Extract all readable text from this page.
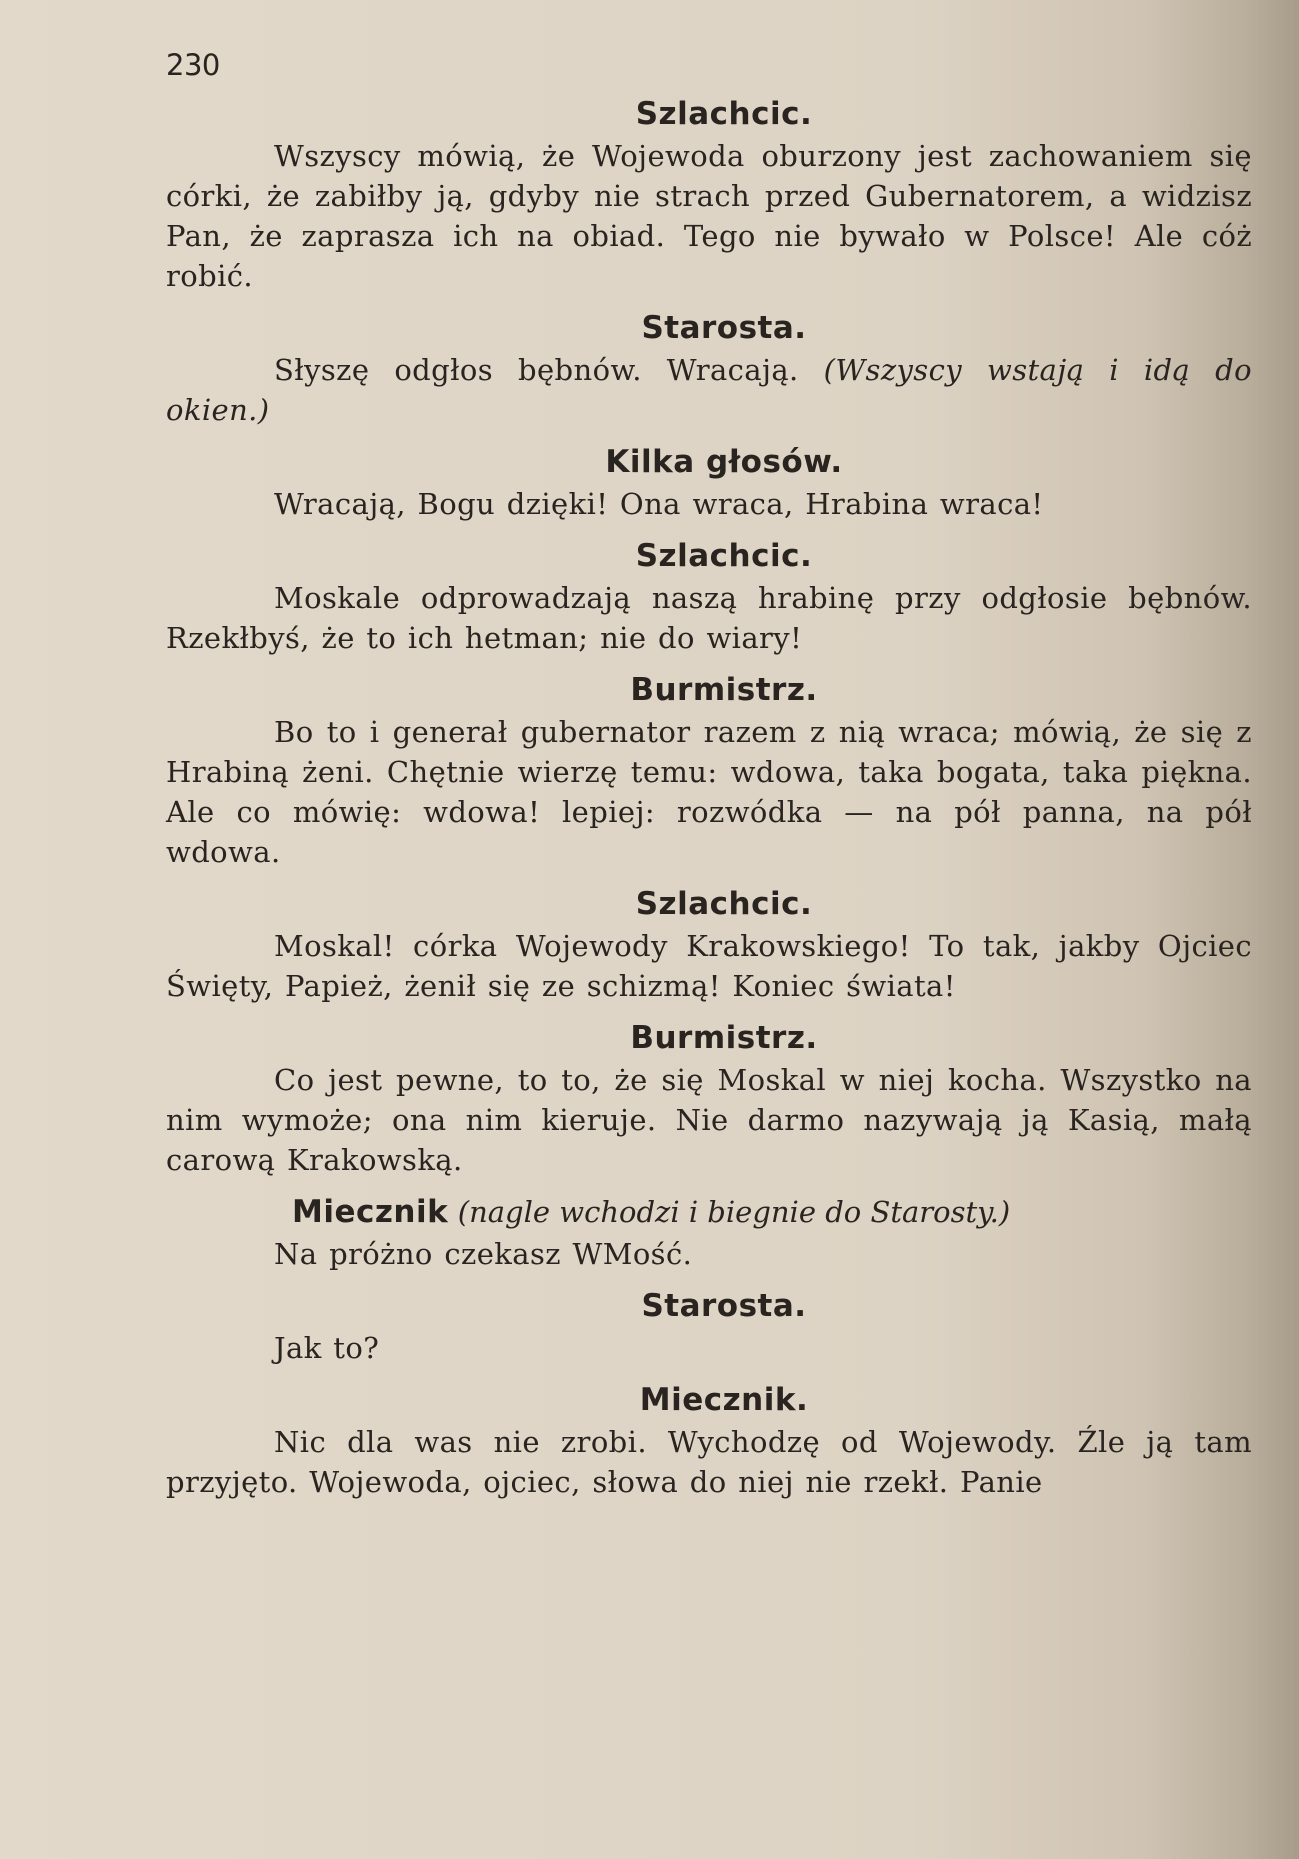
230
Szlachcic.

Wszyscy mówią, że Wojewoda oburzony jest zachowaniem się córki, że zabiłby ją, gdyby nie strach przed Gubernatorem, a widzisz Pan, że zaprasza ich na obiad. Tego nie bywało w Polsce! Ale cóż robić.

Starosta.

Słyszę odgłos bębnów. Wracają. (Wszyscy wstają i idą do okien.)

Kilka głosów.

Wracają, Bogu dzięki! Ona wraca, Hrabina wraca!

Szlachcic.

Moskale odprowadzają naszą hrabinę przy odgłosie bębnów. Rzekłbyś, że to ich hetman; nie do wiary!

Burmistrz.

Bo to i generał gubernator razem z nią wraca; mówią, że się z Hrabiną żeni. Chętnie wierzę temu: wdowa, taka bogata, taka piękna. Ale co mówię: wdowa! lepiej: rozwódka — na pół panna, na pół wdowa.

Szlachcic.

Moskal! córka Wojewody Krakowskiego! To tak, jakby Ojciec Święty, Papież, żenił się ze schizmą! Koniec świata!

Burmistrz.

Co jest pewne, to to, że się Moskal w niej kocha. Wszystko na nim wymoże; ona nim kieruje. Nie darmo nazywają ją Kasią, małą carową Krakowską.

Miecznik (nagle wchodzi i biegnie do Starosty.)

Na próżno czekasz WMość.

Starosta.

Jak to?

Miecznik.

Nic dla was nie zrobi. Wychodzę od Wojewody. Źle ją tam przyjęto. Wojewoda, ojciec, słowa do niej nie rzekł. Panie
